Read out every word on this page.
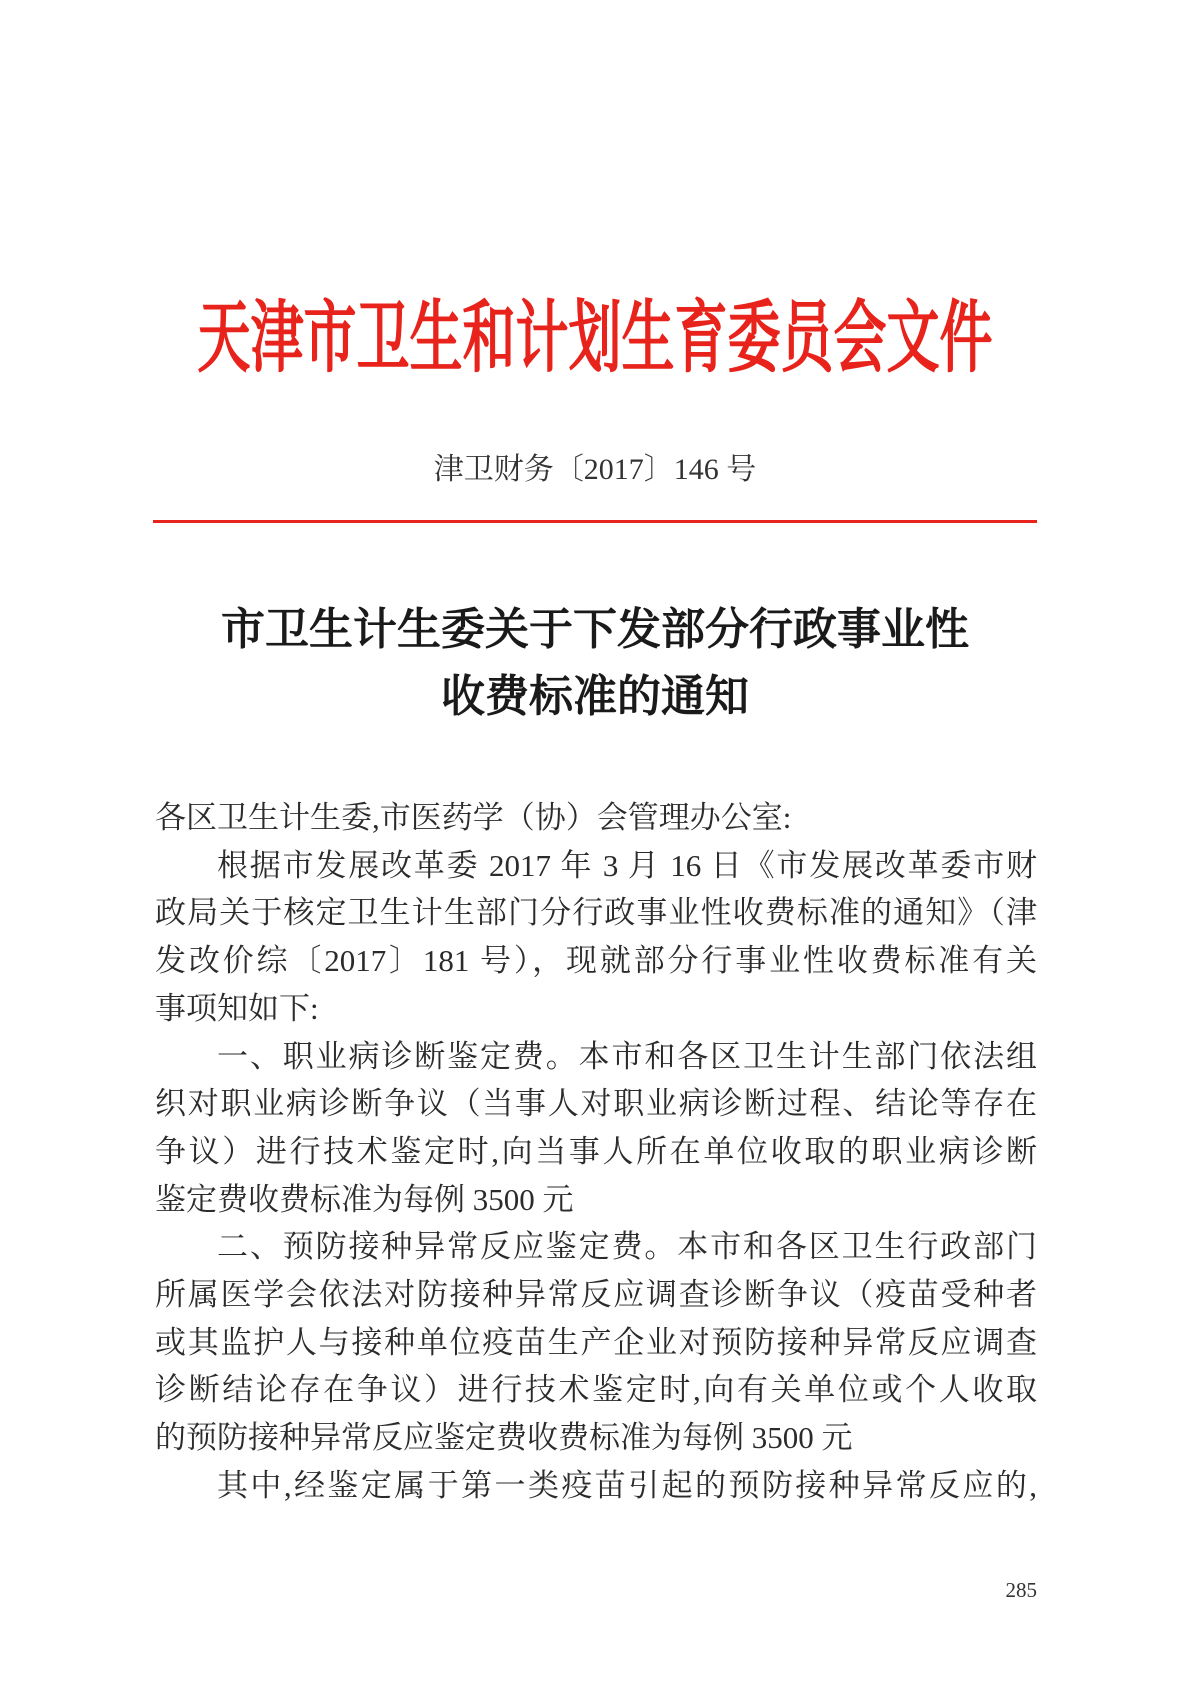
天津市卫生和计划生育委员会文件
津卫财务〔2017〕146 号
市卫生计生委关于下发部分行政事业性
收费标准的通知
各区卫生计生委,市医药学（协）会管理办公室:
根据市发展改革委 2017 年 3 月 16 日《市发展改革委市财
政局关于核定卫生计生部门分行政事业性收费标准的通知》（津
发改价综〔2017〕181 号），现就部分行事业性收费标准有关
事项知如下:
一、职业病诊断鉴定费。本市和各区卫生计生部门依法组
织对职业病诊断争议（当事人对职业病诊断过程、结论等存在
争议）进行技术鉴定时,向当事人所在单位收取的职业病诊断
鉴定费收费标准为每例 3500 元
二、预防接种异常反应鉴定费。本市和各区卫生行政部门
所属医学会依法对防接种异常反应调查诊断争议（疫苗受种者
或其监护人与接种单位疫苗生产企业对预防接种异常反应调查
诊断结论存在争议）进行技术鉴定时,向有关单位或个人收取
的预防接种异常反应鉴定费收费标准为每例 3500 元
其中,经鉴定属于第一类疫苗引起的预防接种异常反应的,
285
